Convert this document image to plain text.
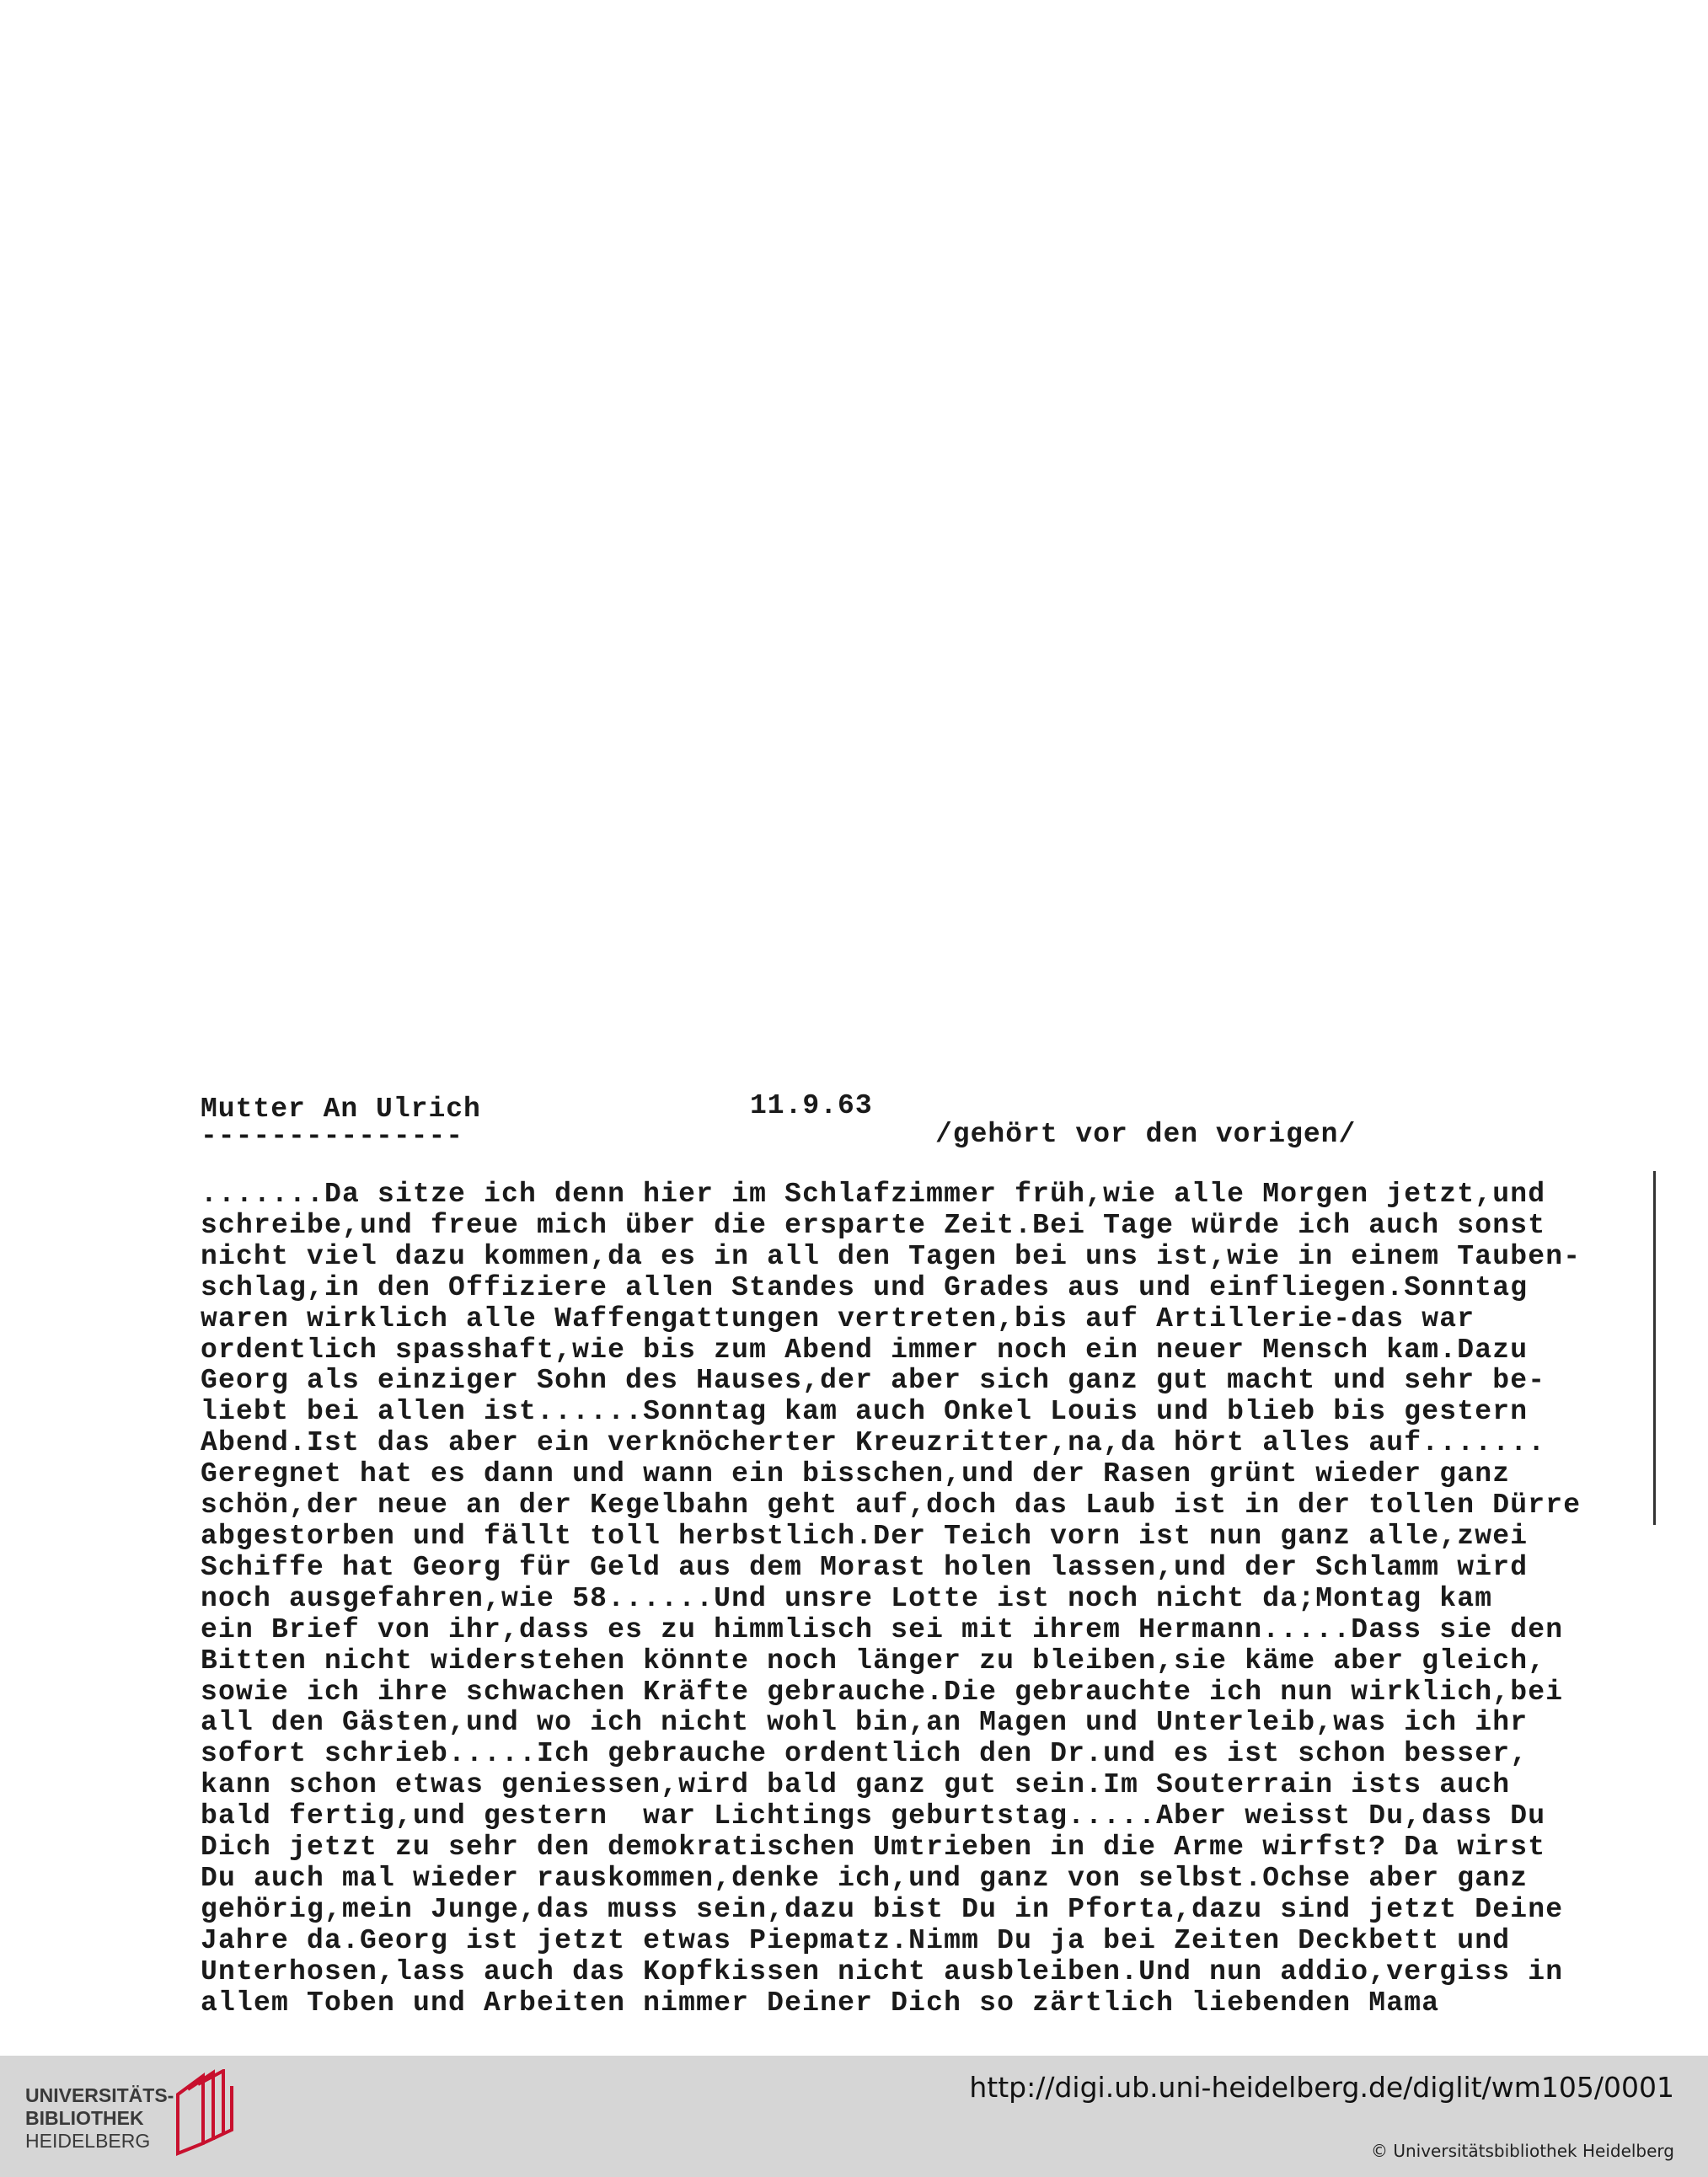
Mutter An Ulrich
---------------
11.9.63
/gehört vor den vorigen/
.......Da sitze ich denn hier im Schlafzimmer früh,wie alle Morgen jetzt,und
schreibe,und freue mich über die ersparte Zeit.Bei Tage würde ich auch sonst
nicht viel dazu kommen,da es in all den Tagen bei uns ist,wie in einem Tauben-
schlag,in den Offiziere allen Standes und Grades aus und einfliegen.Sonntag
waren wirklich alle Waffengattungen vertreten,bis auf Artillerie-das war
ordentlich spasshaft,wie bis zum Abend immer noch ein neuer Mensch kam.Dazu
Georg als einziger Sohn des Hauses,der aber sich ganz gut macht und sehr be-
liebt bei allen ist......Sonntag kam auch Onkel Louis und blieb bis gestern
Abend.Ist das aber ein verknöcherter Kreuzritter,na,da hört alles auf.......
Geregnet hat es dann und wann ein bisschen,und der Rasen grünt wieder ganz
schön,der neue an der Kegelbahn geht auf,doch das Laub ist in der tollen Dürre
abgestorben und fällt toll herbstlich.Der Teich vorn ist nun ganz alle,zwei
Schiffe hat Georg für Geld aus dem Morast holen lassen,und der Schlamm wird
noch ausgefahren,wie 58......Und unsre Lotte ist noch nicht da;Montag kam
ein Brief von ihr,dass es zu himmlisch sei mit ihrem Hermann.....Dass sie den
Bitten nicht widerstehen könnte noch länger zu bleiben,sie käme aber gleich,
sowie ich ihre schwachen Kräfte gebrauche.Die gebrauchte ich nun wirklich,bei
all den Gästen,und wo ich nicht wohl bin,an Magen und Unterleib,was ich ihr
sofort schrieb.....Ich gebrauche ordentlich den Dr.und es ist schon besser,
kann schon etwas geniessen,wird bald ganz gut sein.Im Souterrain ists auch
bald fertig,und gestern  war Lichtings geburtstag.....Aber weisst Du,dass Du
Dich jetzt zu sehr den demokratischen Umtrieben in die Arme wirfst? Da wirst
Du auch mal wieder rauskommen,denke ich,und ganz von selbst.Ochse aber ganz
gehörig,mein Junge,das muss sein,dazu bist Du in Pforta,dazu sind jetzt Deine
Jahre da.Georg ist jetzt etwas Piepmatz.Nimm Du ja bei Zeiten Deckbett und
Unterhosen,lass auch das Kopfkissen nicht ausbleiben.Und nun addio,vergiss in
allem Toben und Arbeiten nimmer Deiner Dich so zärtlich liebenden Mama
UNIVERSITÄTS-
BIBLIOTHEK
HEIDELBERG
http://digi.ub.uni-heidelberg.de/diglit/wm105/0001
© Universitätsbibliothek Heidelberg
